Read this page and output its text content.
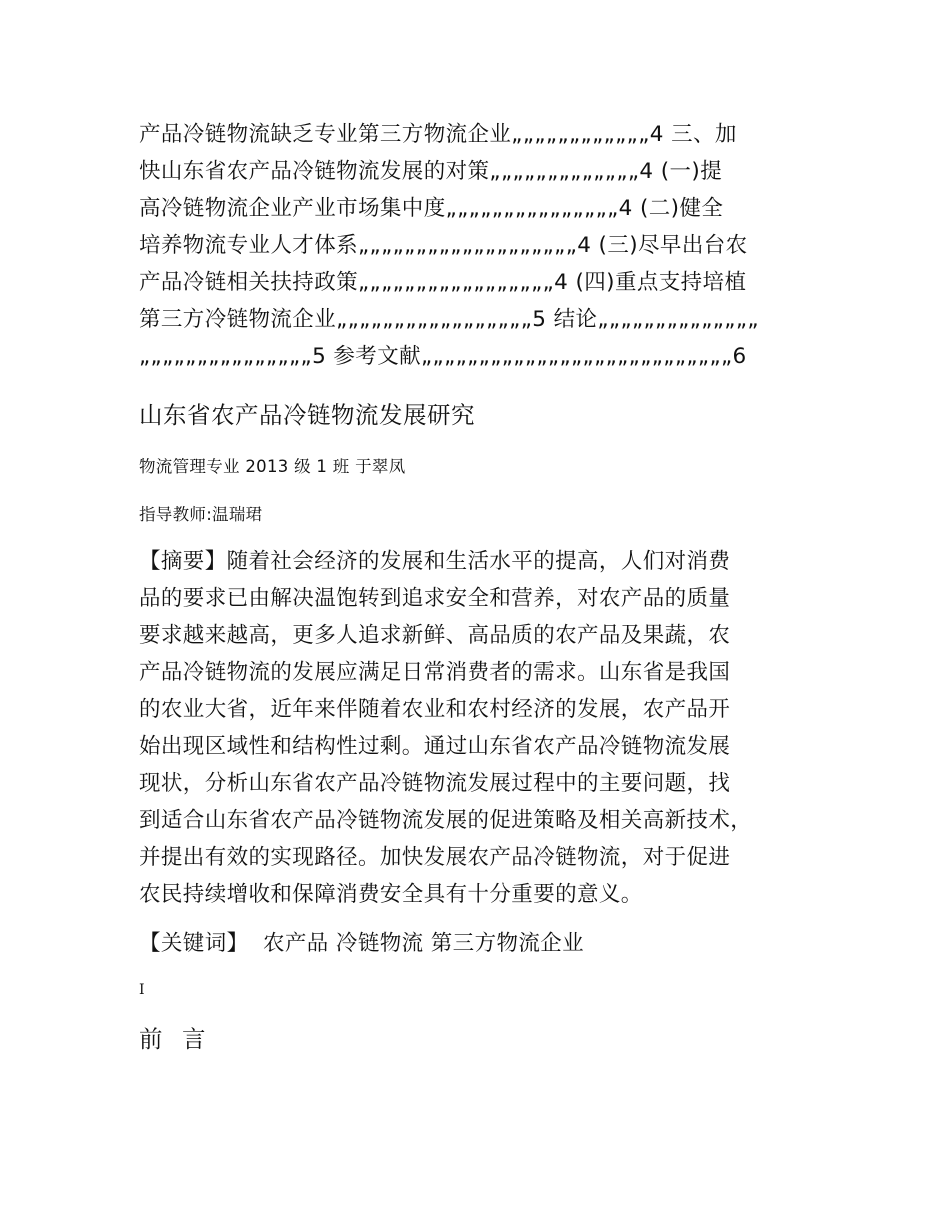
产品冷链物流缺乏专业第三方物流企业„„„„„„„„„„„„4 三、加
快山东省农产品冷链物流发展的对策„„„„„„„„„„„„„4 (一)提
高冷链物流企业产业市场集中度„„„„„„„„„„„„„„„4 (二)健全
培养物流专业人才体系„„„„„„„„„„„„„„„„„„„4 (三)尽早出台农
产品冷链相关扶持政策„„„„„„„„„„„„„„„„„4 (四)重点支持培植
第三方冷链物流企业„„„„„„„„„„„„„„„„„5 结论„„„„„„„„„„„„„„
„„„„„„„„„„„„„„„5 参考文献„„„„„„„„„„„„„„„„„„„„„„„„„„„6
山东省农产品冷链物流发展研究
物流管理专业 2013 级 1 班 于翠凤
指导教师:温瑞珺
【摘要】随着社会经济的发展和生活水平的提高，人们对消费
品的要求已由解决温饱转到追求安全和营养，对农产品的质量
要求越来越高，更多人追求新鲜、高品质的农产品及果蔬，农
产品冷链物流的发展应满足日常消费者的需求。山东省是我国
的农业大省，近年来伴随着农业和农村经济的发展，农产品开
始出现区域性和结构性过剩。通过山东省农产品冷链物流发展
现状，分析山东省农产品冷链物流发展过程中的主要问题，找
到适合山东省农产品冷链物流发展的促进策略及相关高新技术，
并提出有效的实现路径。加快发展农产品冷链物流，对于促进
农民持续增收和保障消费安全具有十分重要的意义。
【关键词】 农产品 冷链物流 第三方物流企业
I
前 言
